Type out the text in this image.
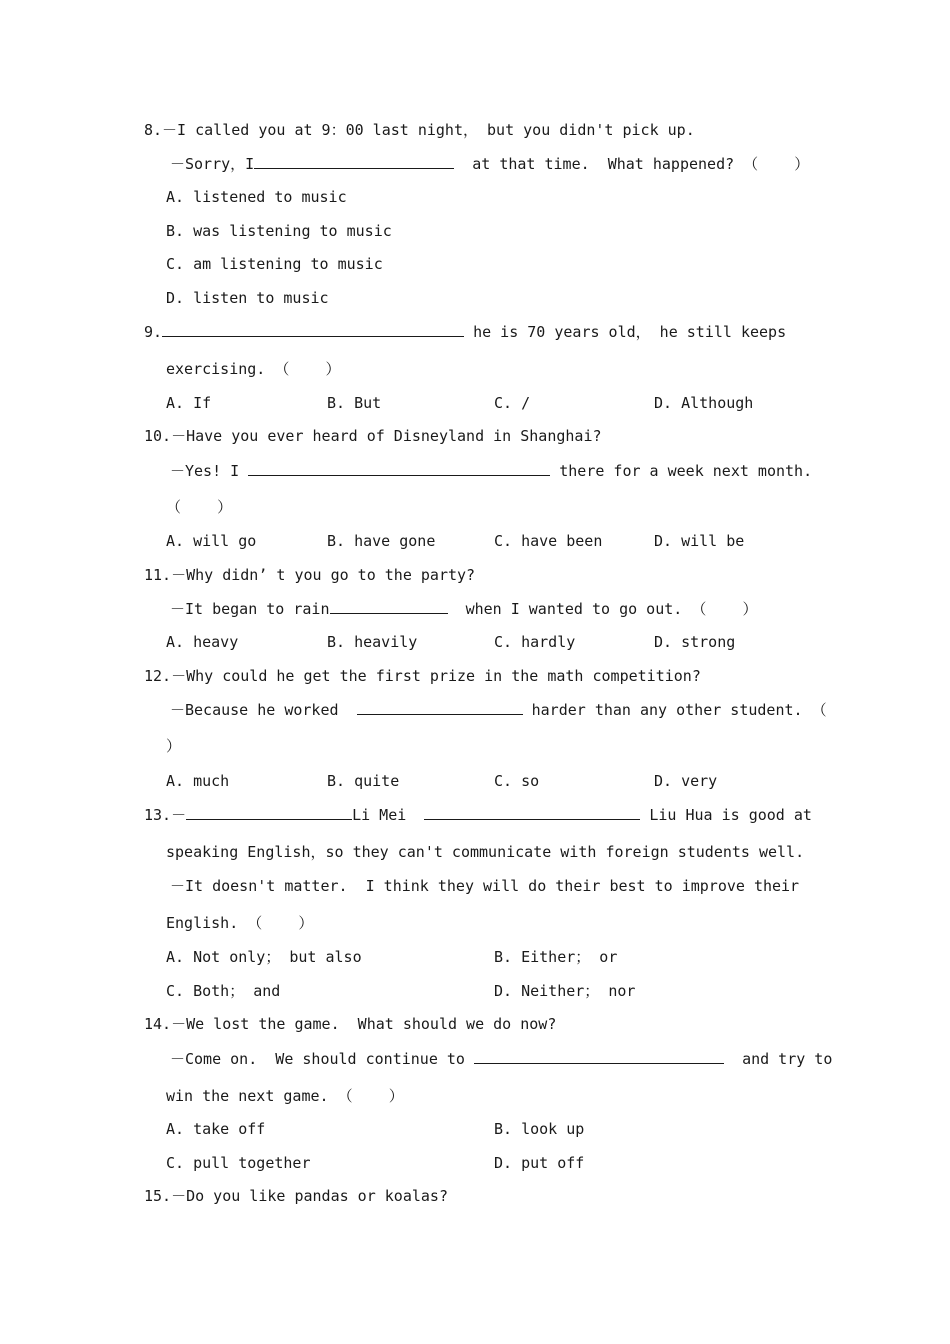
8.－I called you at 9：00 last night， but you didn't pick up.
－Sorry，I	at that time.  What happened? （    ）
A. listened to music
B. was listening to music
C. am listening to music
D. listen to music
9.	he is 70 years old， he still keeps
exercising. （    ）
A. If	B. But	C. /	D. Although
10.－Have you ever heard of Disneyland in Shanghai?
－Yes! I	there for a week next month.
（    ）
A. will go	B. have gone	C. have been	D. will be
11.－Why didn’ t you go to the party?
－It began to rain	when I wanted to go out. （    ）
A. heavy	B. heavily	C. hardly	D. strong
12.－Why could he get the first prize in the math competition?
－Because he worked	harder than any other student. （
）
A. much	B. quite	C. so	D. very
13.－	Li Mei	Liu Hua is good at
speaking English，so they can't communicate with foreign students well.
－It doesn't matter.  I think they will do their best to improve their
English. （    ）
A. Not only； but also	B. Either； or
C. Both； and	D. Neither； nor
14.－We lost the game.  What should we do now?
－Come on.  We should continue to	and try to
win the next game. （    ）
A. take off	B. look up
C. pull together	D. put off
15.－Do you like pandas or koalas?
